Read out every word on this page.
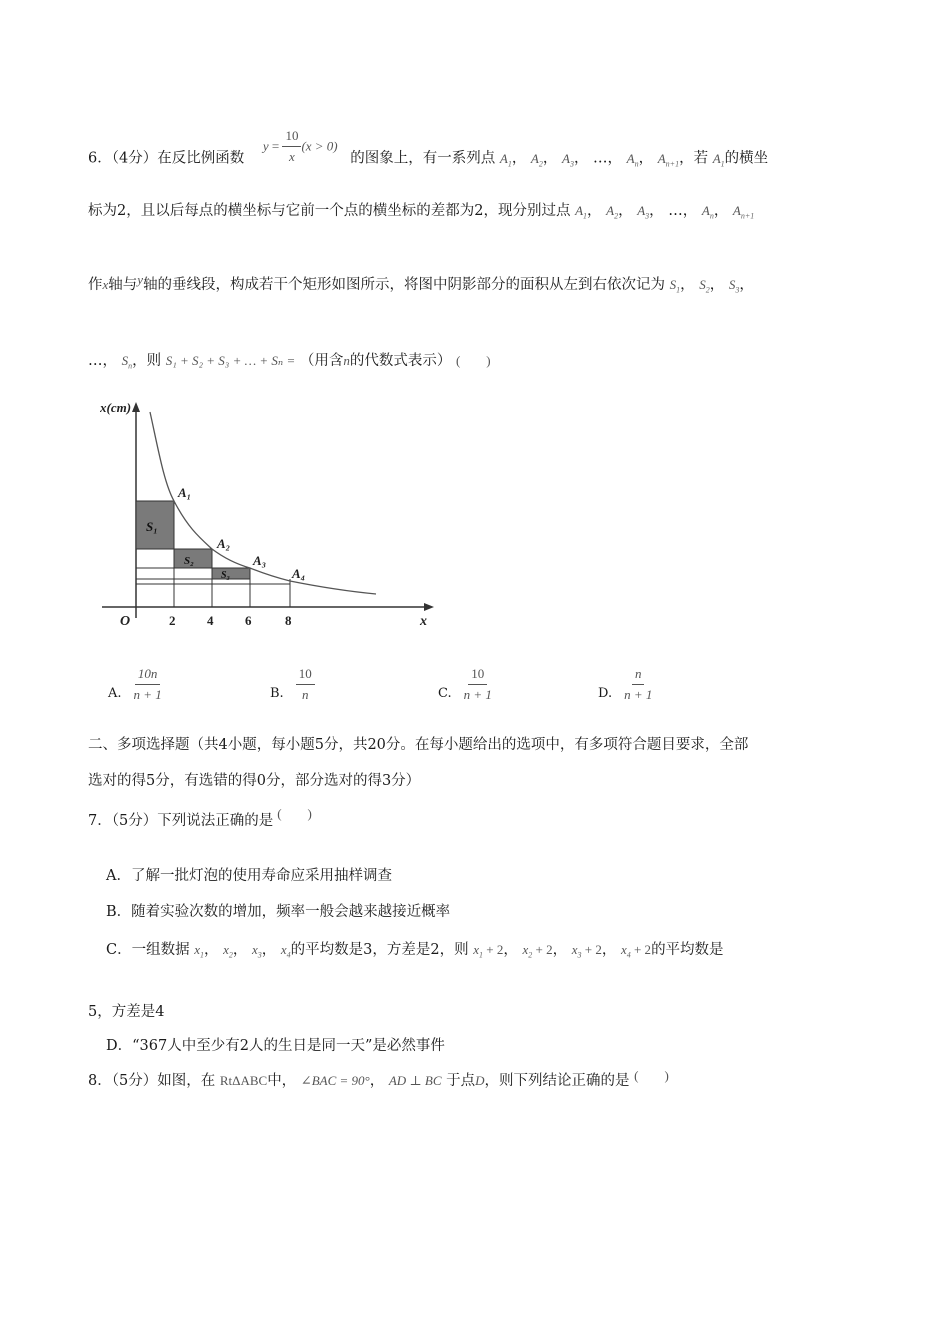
6．（4分）在反比例函数 $y = \frac{10}{x} (x > 0)$ 的图象上，有一系列点 $A_1$， $A_2$， $A_3$， …， $A_n$， $A_{n+1}$，若 $A_1$的横坐
标为2，且以后每点的横坐标与它前一个点的横坐标的差都为2，现分别过点 $A_1$， $A_2$， $A_3$， …， $A_n$， $A_{n+1}$
作x轴与y轴的垂线段，构成若干个矩形如图所示，将图中阴影部分的面积从左到右依次记为 $S_1$， $S_2$， $S_3$，
…， $S_n$，则 S₁ + S₂ + S₃ + … + Sₙ = （用含n的代数式表示） (　　)
x(cm)
x
O	2 4 6	8
A₁
A₂
A₃
A₄
S₁
S₂
S₃
A. $\frac{10n}{n + 1}$	B. $\frac{10}{n}$	C. $\frac{10}{n + 1}$	D. $\frac{n}{n + 1}$
二、多项选择题（共4小题，每小题5分，共20分。在每小题给出的选项中，有多项符合题目要求，全部
选对的得5分，有选错的得0分，部分选对的得3分）
7．（5分）下列说法正确的是 (　　)
A．了解一批灯泡的使用寿命应采用抽样调查
B．随着实验次数的增加，频率一般会越来越接近概率
C．一组数据 $x_1$， $x_2$， $x_3$， $x_4$的平均数是3，方差是2，则 $x_1 + 2$， $x_2 + 2$， $x_3 + 2$， $x_4 + 2$的平均数是
5，方差是4
D．“367人中至少有2人的生日是同一天”是必然事件
8．（5分）如图，在 RtΔABC中， ∠BAC = 90°， AD ⊥ BC 于点D，则下列结论正确的是 (　　)
